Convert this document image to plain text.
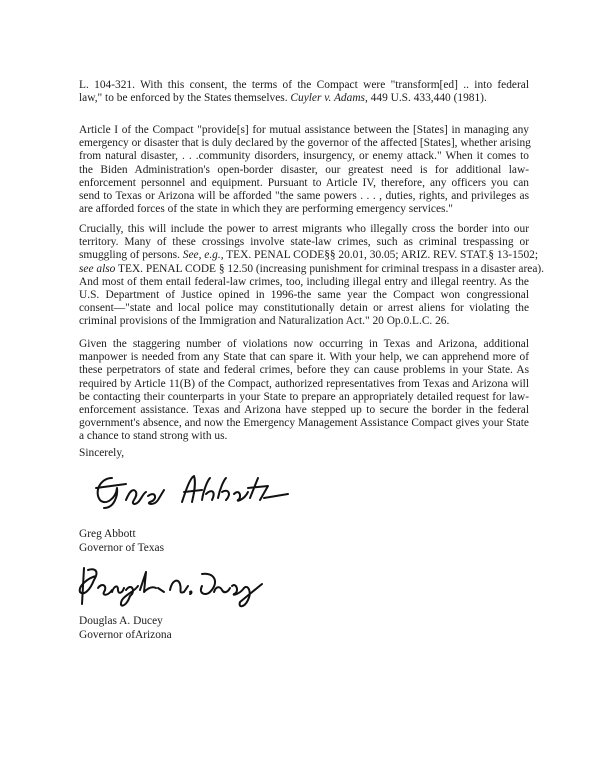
L. 104-321. With this consent, the terms of the Compact were "transform[ed] .. into federal
law," to be enforced by the States themselves. Cuyler v. Adams, 449 U.S. 433,440 (1981).
Article I of the Compact "provide[s] for mutual assistance between the [States] in managing any
emergency or disaster that is duly declared by the governor of the affected [States], whether arising
from natural disaster, . . .community disorders, insurgency, or enemy attack." When it comes to
the Biden Administration's open-border disaster, our greatest need is for additional law-
enforcement personnel and equipment. Pursuant to Article IV, therefore, any officers you can
send to Texas or Arizona will be afforded "the same powers . . . , duties, rights, and privileges as
are afforded forces of the state in which they are performing emergency services."
Crucially, this will include the power to arrest migrants who illegally cross the border into our
territory. Many of these crossings involve state-law crimes, such as criminal trespassing or
smuggling of persons. See, e.g., TEX. PENAL CODE§§ 20.01, 30.05; ARIZ. REV. STAT.§ 13-1502;
see also TEX. PENAL CODE § 12.50 (increasing punishment for criminal trespass in a disaster area).
And most of them entail federal-law crimes, too, including illegal entry and illegal reentry. As the
U.S. Department of Justice opined in 1996-the same year the Compact won congressional
consent—"state and local police may constitutionally detain or arrest aliens for violating the
criminal provisions of the Immigration and Naturalization Act." 20 Op.0.L.C. 26.
Given the staggering number of violations now occurring in Texas and Arizona, additional
manpower is needed from any State that can spare it. With your help, we can apprehend more of
these perpetrators of state and federal crimes, before they can cause problems in your State. As
required by Article 11(B) of the Compact, authorized representatives from Texas and Arizona will
be contacting their counterparts in your State to prepare an appropriately detailed request for law-
enforcement assistance. Texas and Arizona have stepped up to secure the border in the federal
government's absence, and now the Emergency Management Assistance Compact gives your State
a chance to stand strong with us.

Sincerely,

Greg Abbott
Governor of Texas
Douglas A. Ducey
Governor ofArizona
